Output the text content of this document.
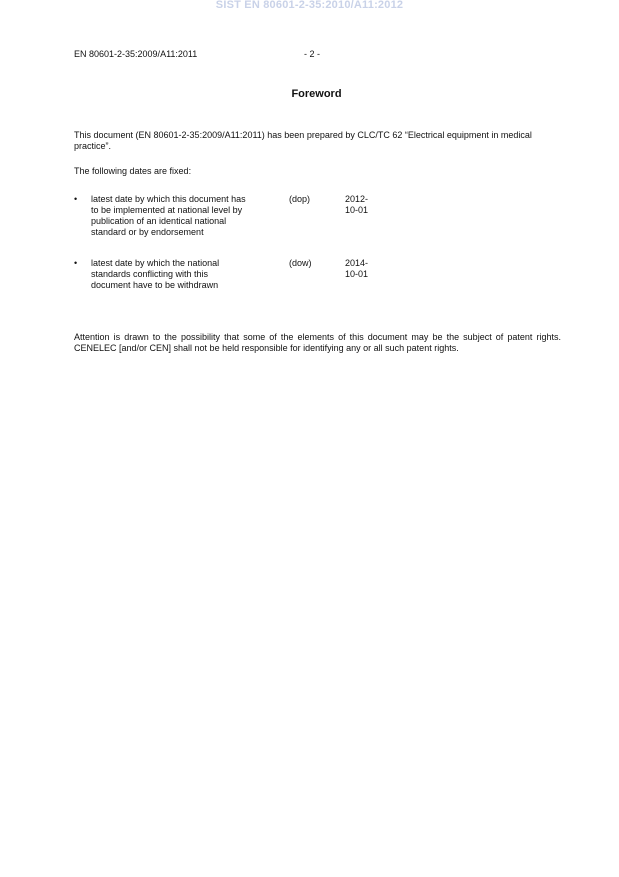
SIST EN 80601-2-35:2010/A11:2012
EN 80601-2-35:2009/A11:2011	- 2 -
Foreword
This document (EN 80601-2-35:2009/A11:2011) has been prepared by CLC/TC 62 “Electrical equipment in medical practice”.
The following dates are fixed:
• latest date by which this document has
to be implemented at national level by
publication of an identical national
standard or by endorsement
(dop)	2012-10-01
• latest date by which the national
standards conflicting with this
document have to be withdrawn
(dow)	2014-10-01
Attention is drawn to the possibility that some of the elements of this document may be the subject of patent rights. CENELEC [and/or CEN] shall not be held responsible for identifying any or all such patent rights.
